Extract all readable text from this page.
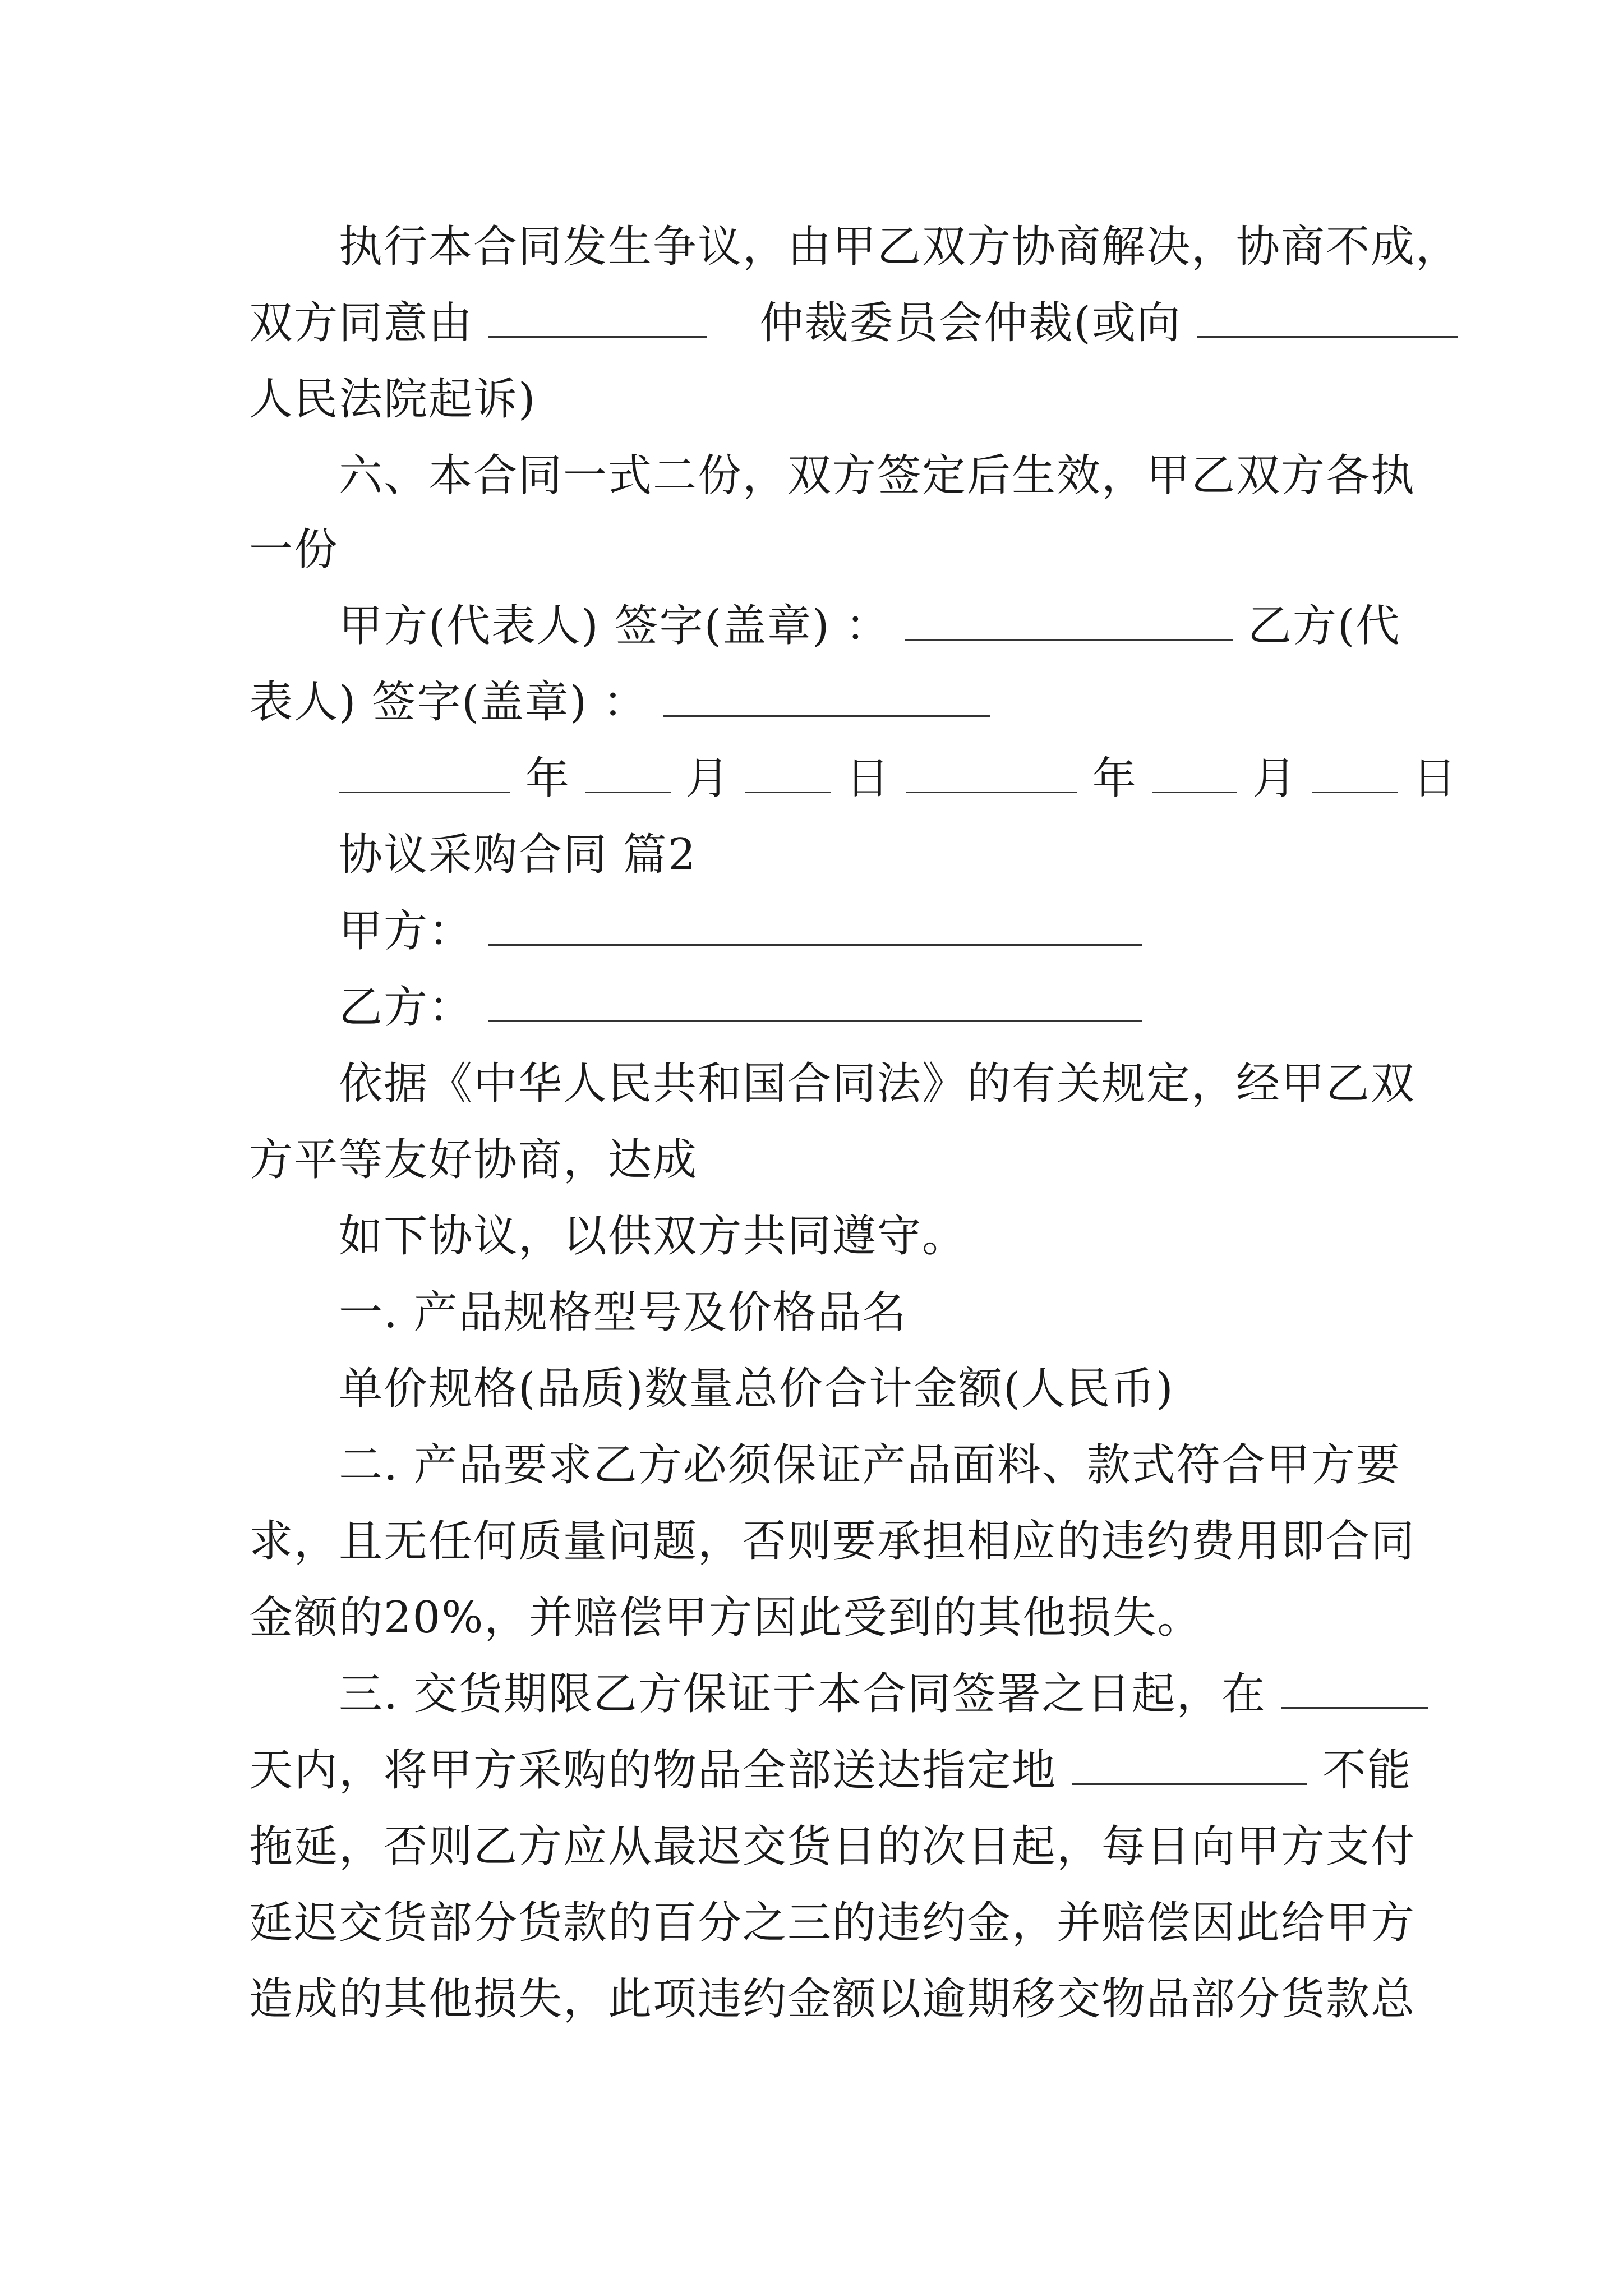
执行本合同发生争议，由甲乙双方协商解决，协商不成，
双方同意由	仲裁委员会仲裁(或向
人民法院起诉)
六、本合同一式二份，双方签定后生效，甲乙双方各执
一份
甲方(代表人) 签字(盖章) ：	乙方(代
表人) 签字(盖章) ：
年	月	日	年	月	日
协议采购合同 篇2
甲方：
乙方：
依据《中华人民共和国合同法》的有关规定，经甲乙双
方平等友好协商，达成
如下协议，以供双方共同遵守。
一. 产品规格型号及价格品名
单价规格(品质)数量总价合计金额(人民币)
二. 产品要求乙方必须保证产品面料、款式符合甲方要
求，且无任何质量问题，否则要承担相应的违约费用即合同
金额的20%，并赔偿甲方因此受到的其他损失。
三. 交货期限乙方保证于本合同签署之日起，在
天内，将甲方采购的物品全部送达指定地	不能
拖延，否则乙方应从最迟交货日的次日起，每日向甲方支付
延迟交货部分货款的百分之三的违约金，并赔偿因此给甲方
造成的其他损失，此项违约金额以逾期移交物品部分货款总
